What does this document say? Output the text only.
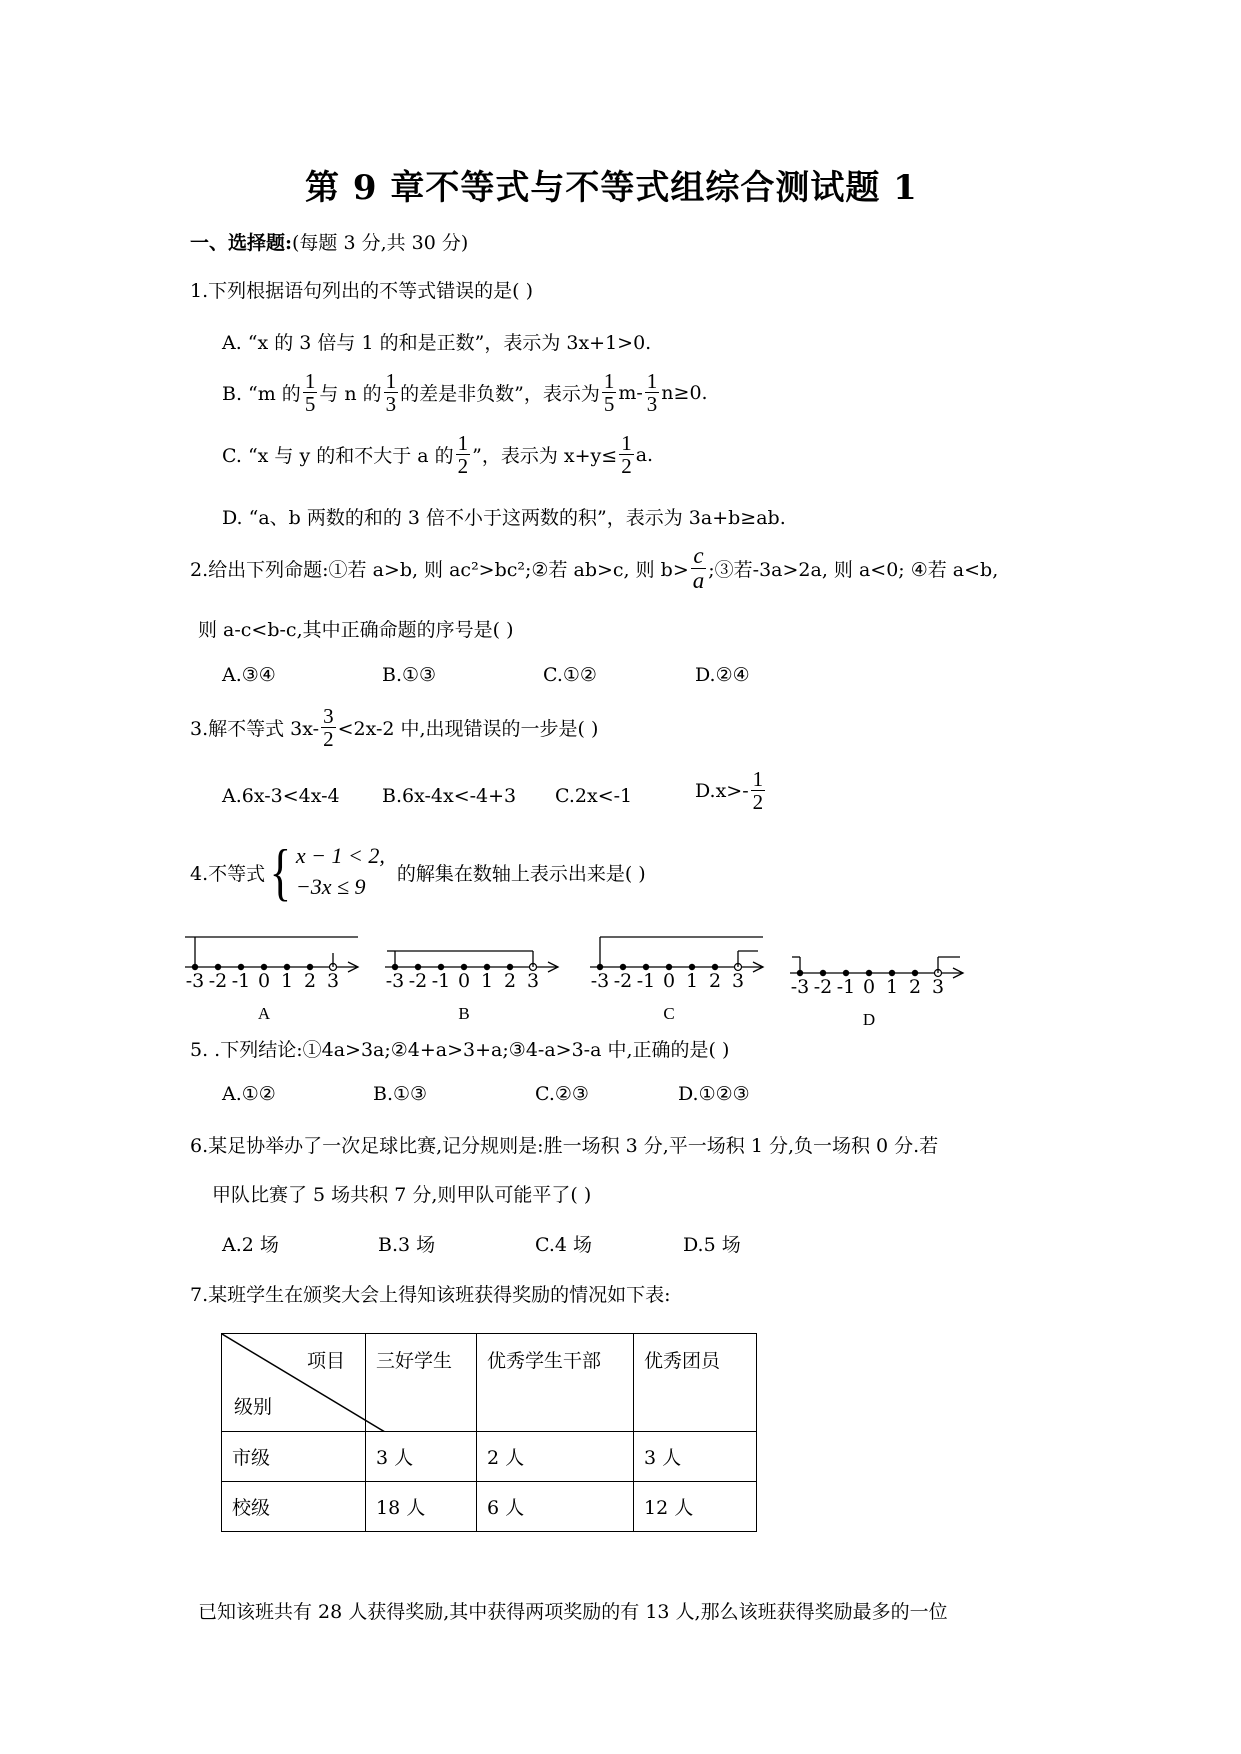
第 9 章不等式与不等式组综合测试题 1
一、选择题:(每题 3 分,共 30 分)
1.下列根据语句列出的不等式错误的是( )
A. “x 的 3 倍与 1 的和是正数”，表示为 3x+1>0.
B. “m 的 $\frac{1}{5}$ 与 n 的 $\frac{1}{3}$ 的差是非负数”，表示为 $\frac{1}{5} m- \frac{1}{3} n\ge 0$.
C. “x 与 y 的和不大于 a 的 $\frac{1}{2}$ ”，表示为 $x+y\le \frac{1}{2} a$.
D. “a、b 两数的和的 3 倍不小于这两数的积”，表示为 3a+b≥ab.
2.给出下列命题:①若 a>b, 则 ac²>bc²;②若 ab>c, 则 $b> \frac{c}{a}$ ;③若-3a>2a, 则 a<0; ④若 a<b,
则 a-c<b-c,其中正确命题的序号是( )
A.③④	B.①③	C.①②	D.②④
3.解不等式 $3x- \frac{3}{2} <2x-2$ 中,出现错误的一步是( )
A.6x-3<4x-4 B.6x-4x<-4+3 C.2x<-1	$D.x>- \frac{1}{2}$
4.不等式 { x − 1 < 2,
−3x ≤ 9
的解集在数轴上表示出来是( )
-3 -2 -1 0 1 2 3
A
-3 -2 -1 0 1 2 3
B
-3 -2 -1 0 1 2 3
C
-3 -2 -1 0 1 2 3
D
5. .下列结论:①4a>3a;②4+a>3+a;③4-a>3-a 中,正确的是( )
A.①②	B.①③	C.②③	D.①②③
6.某足协举办了一次足球比赛,记分规则是:胜一场积 3 分,平一场积 1 分,负一场积 0 分.若
甲队比赛了 5 场共积 7 分,则甲队可能平了( )
A.2 场	B.3 场	C.4 场	D.5 场
7.某班学生在颁奖大会上得知该班获得奖励的情况如下表:
项目
级别	三好学生	优秀学生干部	优秀团员
市级	3 人	2 人	3 人
校级	18 人	6 人	12 人
已知该班共有 28 人获得奖励,其中获得两项奖励的有 13 人,那么该班获得奖励最多的一位
